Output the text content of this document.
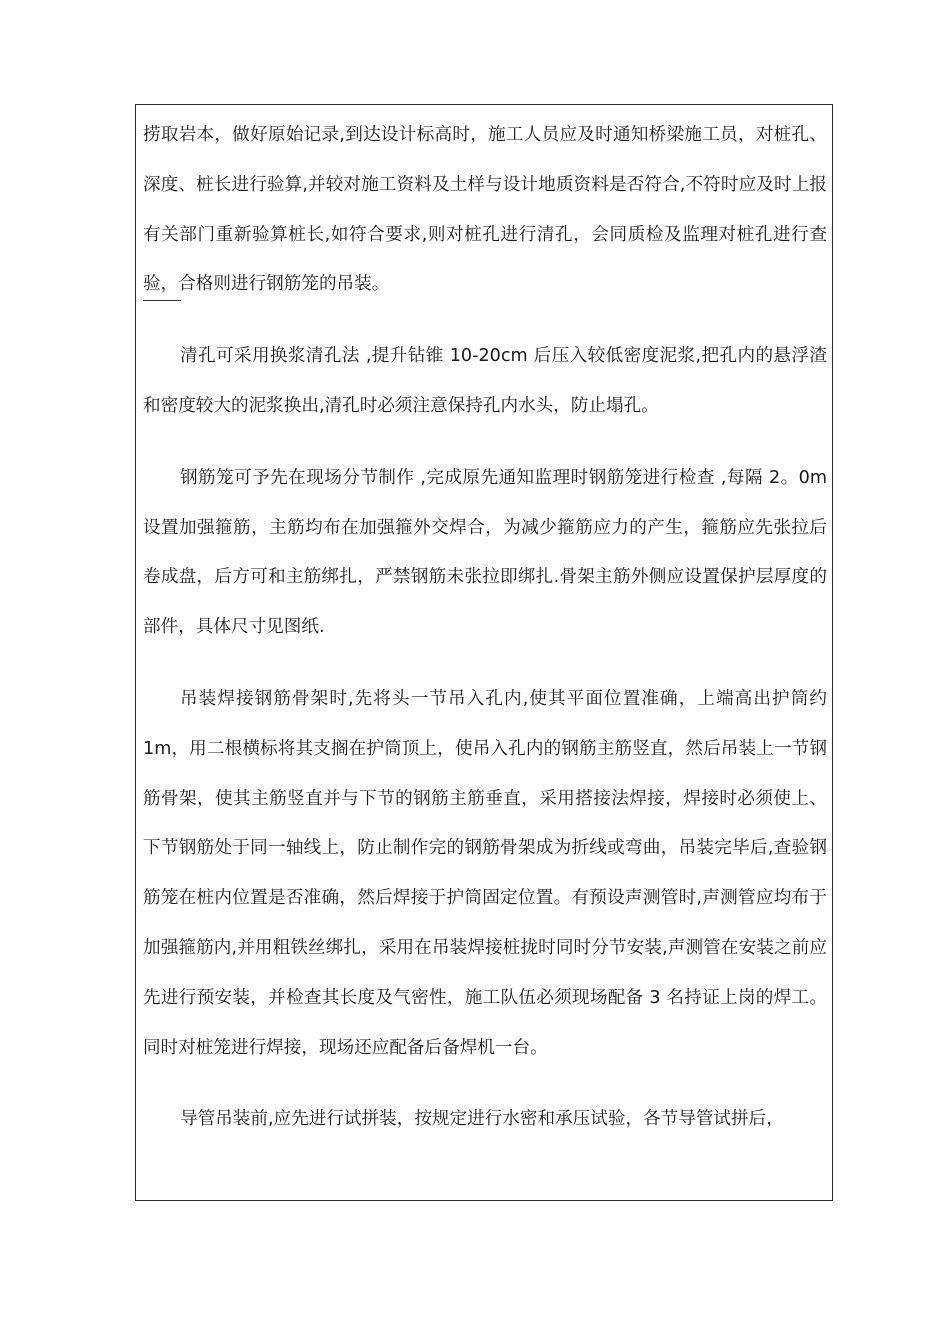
捞取岩本，做好原始记录,到达设计标高时，施工人员应及时通知桥梁施工员，对桩孔、深度、桩长进行验算,并较对施工资料及土样与设计地质资料是否符合,不符时应及时上报有关部门重新验算桩长,如符合要求,则对桩孔进行清孔，会同质检及监理对桩孔进行查验，合格则进行钢筋笼的吊装。

清孔可采用换浆清孔法 ,提升钻锥 10-20cm 后压入较低密度泥浆,把孔内的悬浮渣和密度较大的泥浆换出,清孔时必须注意保持孔内水头，防止塌孔。

钢筋笼可予先在现场分节制作 ,完成原先通知监理时钢筋笼进行检查 ,每隔 2。0m 设置加强箍筋，主筋均布在加强箍外交焊合，为减少箍筋应力的产生，箍筋应先张拉后卷成盘，后方可和主筋绑扎，严禁钢筋未张拉即绑扎.骨架主筋外侧应设置保护层厚度的部件，具体尺寸见图纸.

吊装焊接钢筋骨架时,先将头一节吊入孔内,使其平面位置准确，上端高出护筒约 1m，用二根横标将其支搁在护筒顶上，使吊入孔内的钢筋主筋竖直，然后吊装上一节钢筋骨架，使其主筋竖直并与下节的钢筋主筋垂直，采用搭接法焊接，焊接时必须使上、下节钢筋处于同一轴线上，防止制作完的钢筋骨架成为折线或弯曲，吊装完毕后,查验钢筋笼在桩内位置是否准确，然后焊接于护筒固定位置。有预设声测管时,声测管应均布于加强箍筋内,并用粗铁丝绑扎，采用在吊装焊接桩拢时同时分节安装,声测管在安装之前应先进行预安装，并检查其长度及气密性，施工队伍必须现场配备 3 名持证上岗的焊工。同时对桩笼进行焊接，现场还应配备后备焊机一台。

导管吊装前,应先进行试拼装，按规定进行水密和承压试验，各节导管试拼后，
